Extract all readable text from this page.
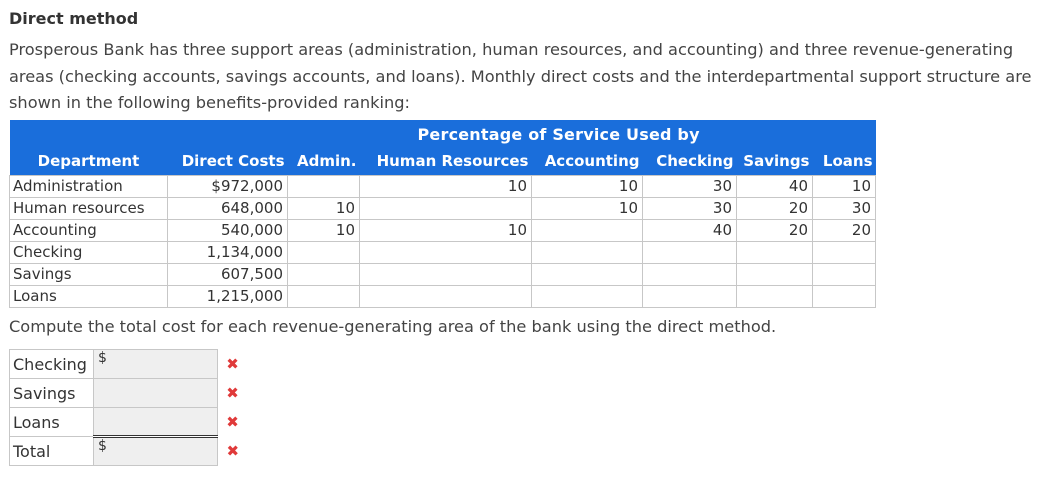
Direct method
Prosperous Bank has three support areas (administration, human resources, and accounting) and three revenue-generating areas (checking accounts, savings accounts, and loans). Monthly direct costs and the interdepartmental support structure are shown in the following benefits-provided ranking:
		Percentage of Service Used by					
Department	Direct Costs	Admin.	Human Resources	Accounting	Checking	Savings	Loans
Administration	$972,000		10	10	30	40	10
Human resources	648,000	10		10	30	20	30
Accounting	540,000	10	10		40	20	20
Checking	1,134,000						
Savings	607,500						
Loans	1,215,000						
Compute the total cost for each revenue-generating area of the bank using the direct method.
Checking	$	✖
Savings		✖
Loans		✖
Total	$	✖
